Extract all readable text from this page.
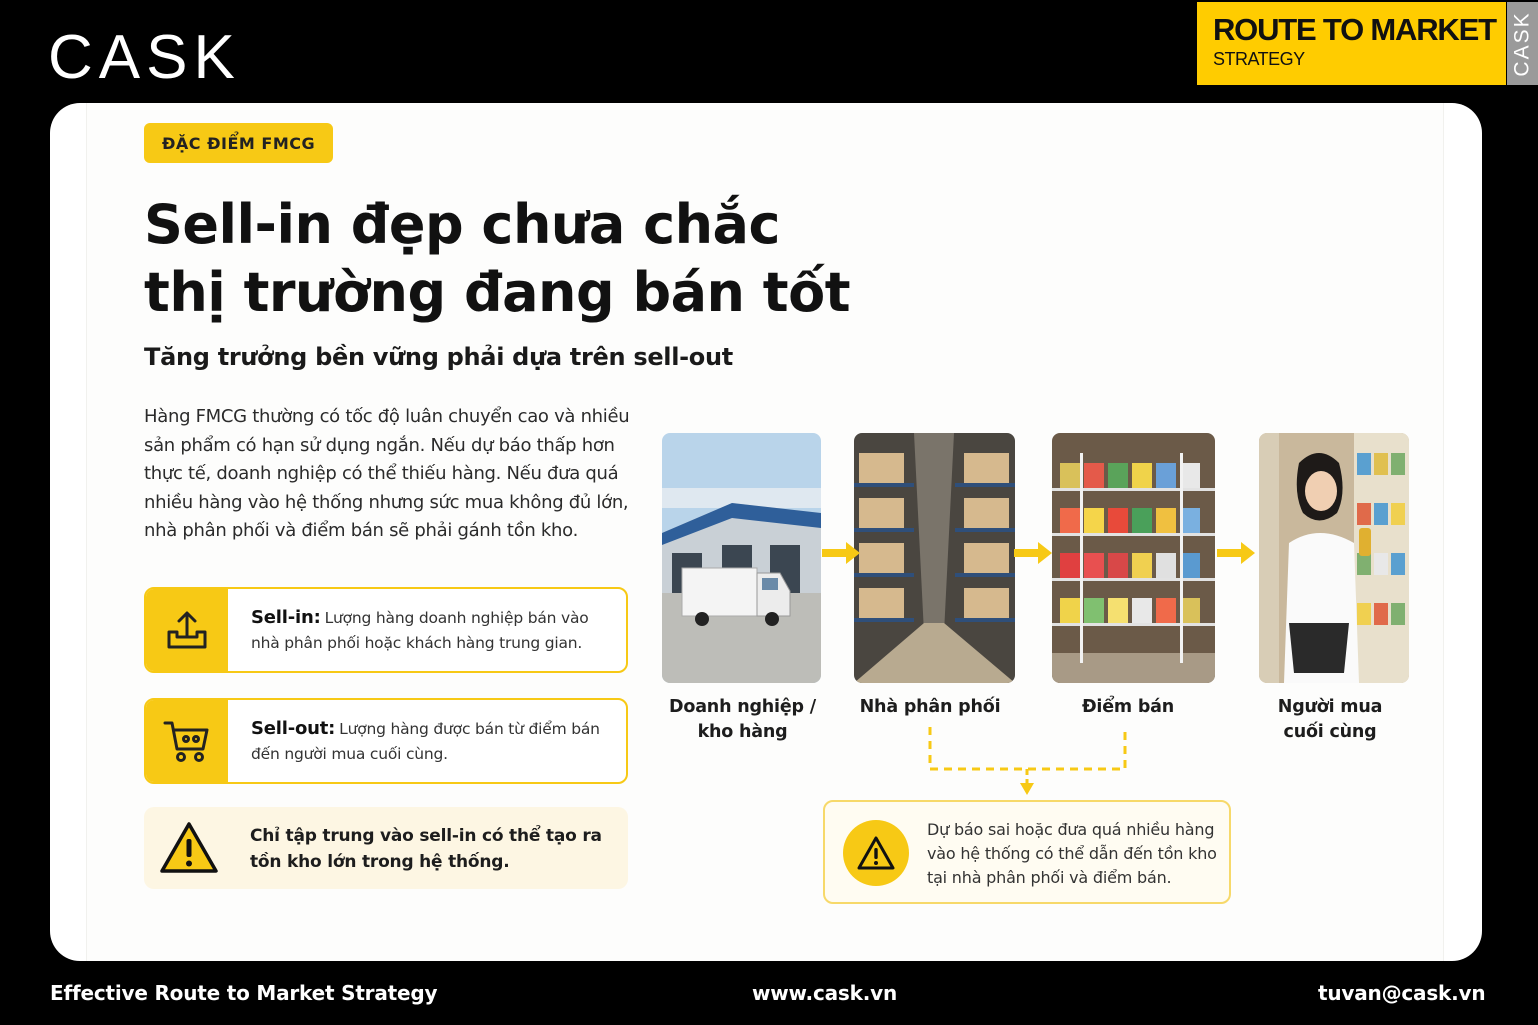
CASK	ROUTE TO MARKET
STRATEGY	CASK
ĐẶC ĐIỂM FMCG
Sell-in đẹp chưa chắc
thị trường đang bán tốt
Tăng trưởng bền vững phải dựa trên sell-out
Hàng FMCG thường có tốc độ luân chuyển cao và nhiều sản phẩm có hạn sử dụng ngắn. Nếu dự báo thấp hơn thực tế, doanh nghiệp có thể thiếu hàng. Nếu đưa quá nhiều hàng vào hệ thống nhưng sức mua không đủ lớn, nhà phân phối và điểm bán sẽ phải gánh tồn kho.
Sell-in: Lượng hàng doanh nghiệp bán vào nhà phân phối hoặc khách hàng trung gian.
Sell-out: Lượng hàng được bán từ điểm bán đến người mua cuối cùng.
Chỉ tập trung vào sell-in có thể tạo ra tồn kho lớn trong hệ thống.
Doanh nghiệp /
kho hàng
Nhà phân phối	Điểm bán	Người mua
cuối cùng
Dự báo sai hoặc đưa quá nhiều hàng vào hệ thống có thể dẫn đến tồn kho tại nhà phân phối và điểm bán.
Effective Route to Market Strategy	www.cask.vn	tuvan@cask.vn
